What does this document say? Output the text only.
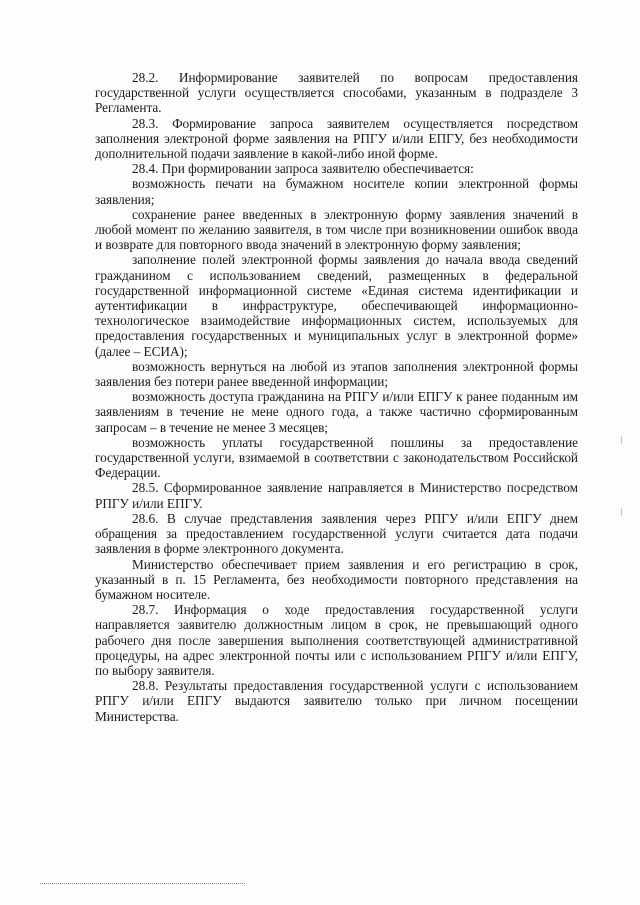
28.2. Информирование заявителей по вопросам предоставления государственной услуги осуществляется способами, указанным в подразделе 3 Регламента.

28.3. Формирование запроса заявителем осуществляется посредством заполнения электроной форме заявления на РПГУ и/или ЕПГУ, без необходимости дополнительной подачи заявление в какой-либо иной форме.

28.4. При формировании запроса заявителю обеспечивается:

возможность печати на бумажном носителе копии электронной формы заявления;

сохранение ранее введенных в электронную форму заявления значений в любой момент по желанию заявителя, в том числе при возникновении ошибок ввода и возврате для повторного ввода значений в электронную форму заявления;

заполнение полей электронной формы заявления до начала ввода сведений гражданином с использованием сведений, размещенных в федеральной государственной информационной системе «Единая система идентификации и аутентификации в инфраструктуре, обеспечивающей информационно-технологическое взаимодействие информационных систем, используемых для предоставления государственных и муниципальных услуг в электронной форме» (далее – ЕСИА);

возможность вернуться на любой из этапов заполнения электронной формы заявления без потери ранее введенной информации;

возможность доступа гражданина на РПГУ и/или ЕПГУ к ранее поданным им заявлениям в течение не мене одного года, а также частично сформированным запросам – в течение не менее 3 месяцев;

возможность уплаты государственной пошлины за предоставление государственной услуги, взимаемой в соответствии с законодательством Российской Федерации.

28.5. Сформированное заявление направляется в Министерство посредством РПГУ и/или ЕПГУ.

28.6. В случае представления заявления через РПГУ и/или ЕПГУ днем обращения за предоставлением государственной услуги считается дата подачи заявления в форме электронного документа.

Министерство обеспечивает прием заявления и его регистрацию в срок, указанный в п. 15 Регламента, без необходимости повторного представления на бумажном носителе.

28.7. Информация о ходе предоставления государственной услуги направляется заявителю должностным лицом в срок, не превышающий одного рабочего дня после завершения выполнения соответствующей административной процедуры, на адрес электронной почты или с использованием РПГУ и/или ЕПГУ, по выбору заявителя.

28.8. Результаты предоставления государственной услуги с использованием РПГУ и/или ЕПГУ выдаются заявителю только при личном посещении Министерства.
